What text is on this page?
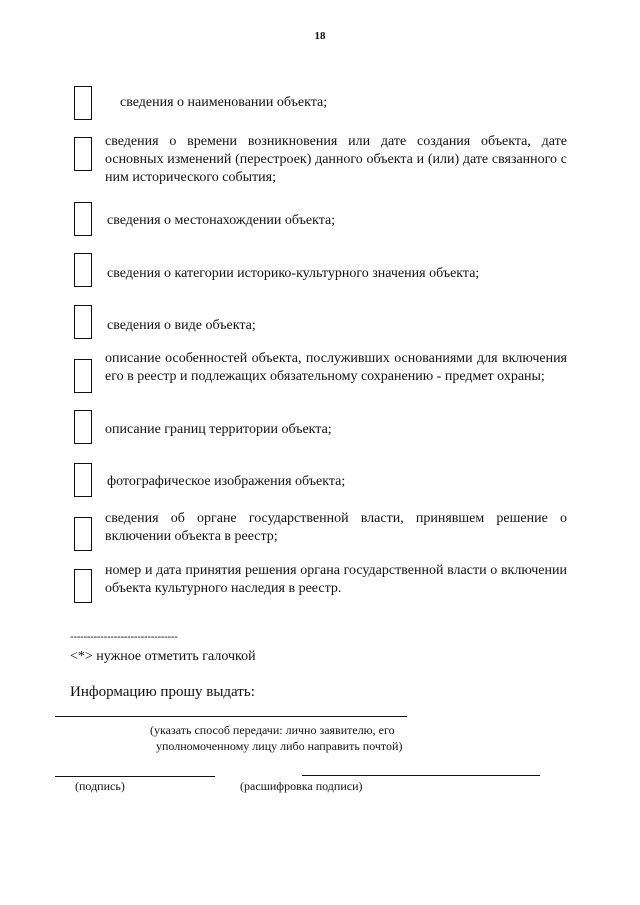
18
сведения о наименовании объекта;
сведения о времени возникновения или дате создания объекта, дате основных изменений (перестроек) данного объекта и (или) дате связанного с ним исторического события;
сведения о местонахождении объекта;
сведения о категории историко-культурного значения объекта;
сведения о виде объекта;
описание особенностей объекта, послуживших основаниями для включения его в реестр и подлежащих обязательному сохранению - предмет охраны;
описание границ территории объекта;
фотографическое изображения объекта;
сведения об органе государственной власти, принявшем решение о включении объекта в реестр;
номер и дата принятия решения органа государственной власти о включении объекта культурного наследия в реестр.
--------------------------------
<*> нужное отметить галочкой
Информацию прошу выдать:
(указать способ передачи: лично заявителю, его
уполномоченному лицу либо направить почтой)
(подпись)	(расшифровка подписи)
